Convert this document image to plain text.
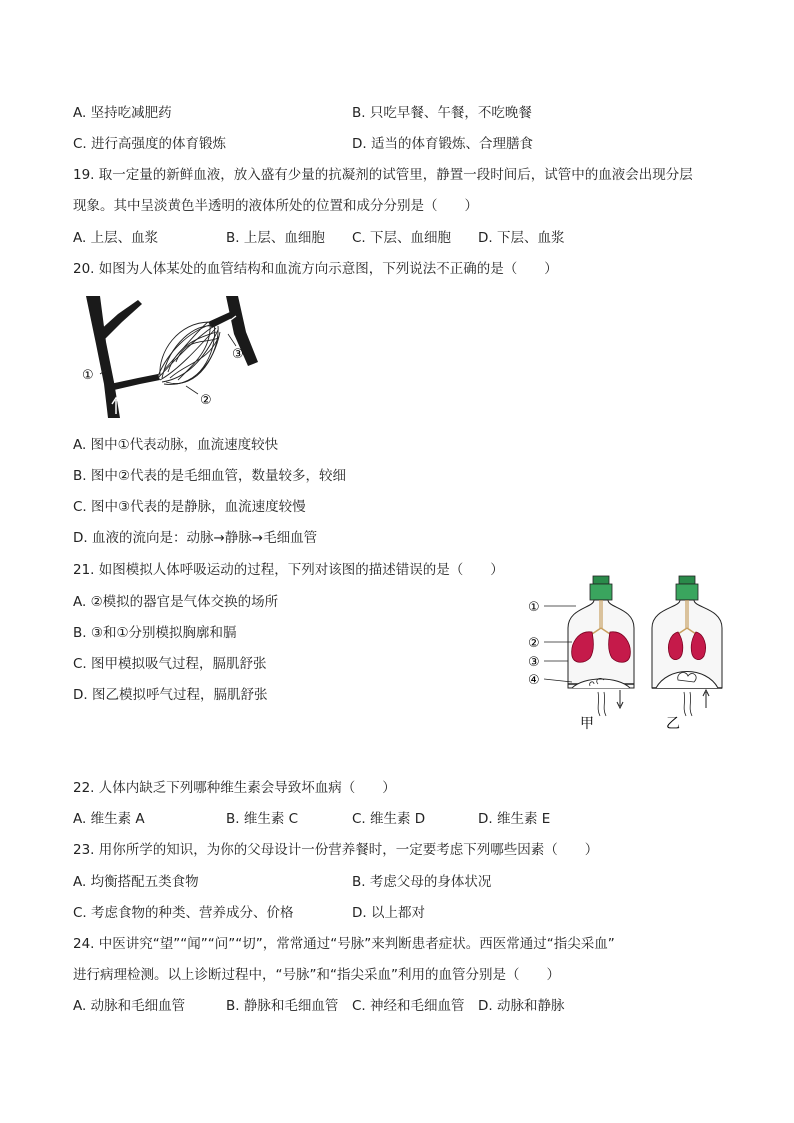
A. 坚持吃减肥药	B. 只吃早餐、午餐，不吃晚餐
C. 进行高强度的体育锻炼	D. 适当的体育锻炼、合理膳食
19. 取一定量的新鲜血液，放入盛有少量的抗凝剂的试管里，静置一段时间后，试管中的血液会出现分层
现象。其中呈淡黄色半透明的液体所处的位置和成分分别是（　　）
A. 上层、血浆	B. 上层、血细胞 C. 下层、血细胞 D. 下层、血浆
20. 如图为人体某处的血管结构和血流方向示意图，下列说法不正确的是（　　）
①
②
③
A. 图中①代表动脉，血流速度较快
B. 图中②代表的是毛细血管，数量较多，较细
C. 图中③代表的是静脉，血流速度较慢
D. 血液的流向是：动脉→静脉→毛细血管
21. 如图模拟人体呼吸运动的过程，下列对该图的描述错误的是（　　）
A. ②模拟的器官是气体交换的场所
B. ③和①分别模拟胸廓和膈
C. 图甲模拟吸气过程，膈肌舒张
D. 图乙模拟呼气过程，膈肌舒张
①
②
③
④
甲	乙
22. 人体内缺乏下列哪种维生素会导致坏血病（　　）
A. 维生素 A	B. 维生素 C	C. 维生素 D	D. 维生素 E
23. 用你所学的知识，为你的父母设计一份营养餐时，一定要考虑下列哪些因素（　　）
A. 均衡搭配五类食物	B. 考虑父母的身体状况
C. 考虑食物的种类、营养成分、价格	D. 以上都对
24. 中医讲究“望”“闻”“问”“切”，常常通过“号脉”来判断患者症状。西医常通过“指尖采血”
进行病理检测。以上诊断过程中，“号脉”和“指尖采血”利用的血管分别是（　　）
A. 动脉和毛细血管	B. 静脉和毛细血管 C. 神经和毛细血管 D. 动脉和静脉
